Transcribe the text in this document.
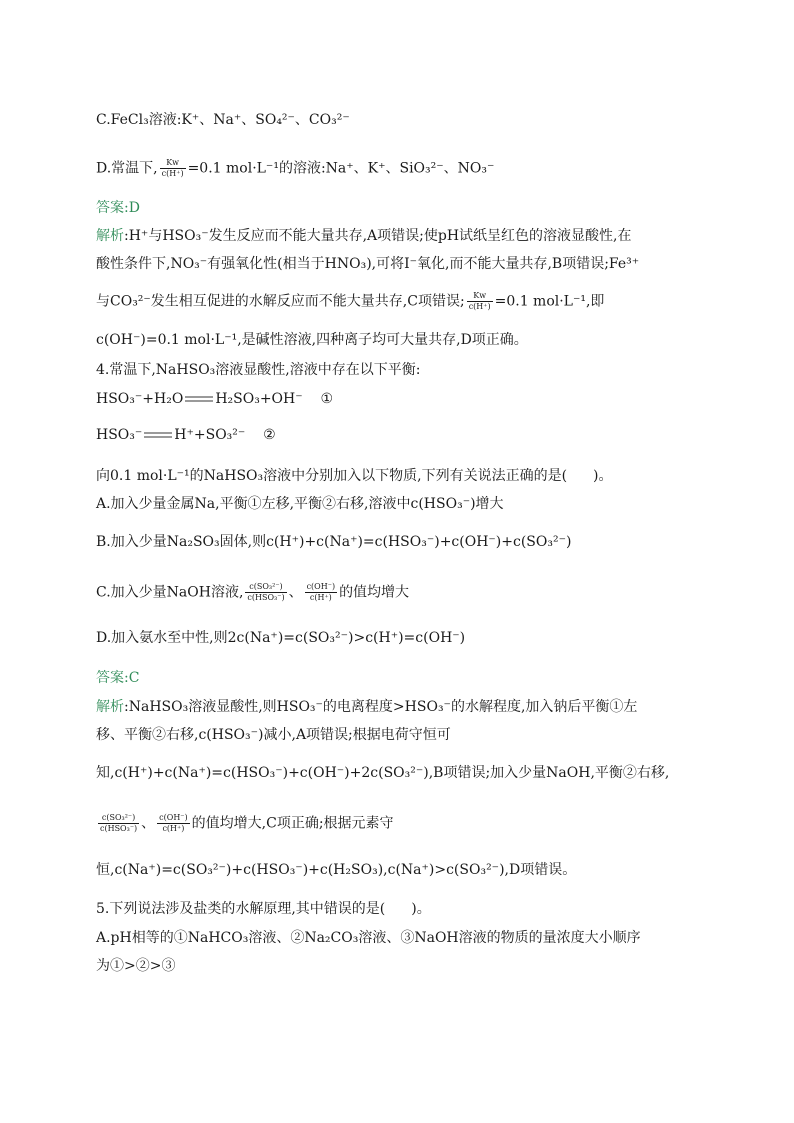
C.FeCl₃溶液:K⁺、Na⁺、SO₄²⁻、CO₃²⁻
D.常温下, $\frac{Kw}{c(H^+)} =0.1$ mol·L⁻¹的溶液:Na⁺、K⁺、SiO₃²⁻、NO₃⁻
答案:D
解析:H⁺与HSO₃⁻发生反应而不能大量共存,A项错误;使pH试纸呈红色的溶液显酸性,在
酸性条件下,NO₃⁻有强氧化性(相当于HNO₃),可将I⁻氧化,而不能大量共存,B项错误;Fe³⁺
与CO₃²⁻发生相互促进的水解反应而不能大量共存,C项错误; $\frac{Kw}{c(H^+)} =0.1$ mol·L⁻¹,即
c(OH⁻)=0.1 mol·L⁻¹,是碱性溶液,四种离子均可大量共存,D项正确。
4.常温下,NaHSO₃溶液显酸性,溶液中存在以下平衡:
HSO₃⁻+H₂O H₂SO₃+OH⁻ ①
HSO₃⁻ H⁺+SO₃²⁻ ②
向0.1 mol·L⁻¹的NaHSO₃溶液中分别加入以下物质,下列有关说法正确的是( )。
A.加入少量金属Na,平衡①左移,平衡②右移,溶液中c(HSO₃⁻)增大
B.加入少量Na₂SO₃固体,则c(H⁺)+c(Na⁺)=c(HSO₃⁻)+c(OH⁻)+c(SO₃²⁻)
C.加入少量NaOH溶液, $\frac{\text{c(SO₃²⁻)}}{\text{c(HSO₃⁻)}}$ 、 $\frac{c(OH^-)}{c(H^+)}$ 的值均增大
D.加入氨水至中性,则2c(Na⁺)=c(SO₃²⁻)>c(H⁺)=c(OH⁻)
答案:C
解析:NaHSO₃溶液显酸性,则HSO₃⁻的电离程度>HSO₃⁻的水解程度,加入钠后平衡①左
移、平衡②右移,c(HSO₃⁻)减小,A项错误;根据电荷守恒可
知,c(H⁺)+c(Na⁺)=c(HSO₃⁻)+c(OH⁻)+2c(SO₃²⁻),B项错误;加入少量NaOH,平衡②右移,
$\frac{\text{c(SO₃²⁻)}}{\text{c(HSO₃⁻)}}$ 、 $\frac{c(OH^-)}{c(H^+)}$ 的值均增大,C项正确;根据元素守
恒,c(Na⁺)=c(SO₃²⁻)+c(HSO₃⁻)+c(H₂SO₃),c(Na⁺)>c(SO₃²⁻),D项错误。
5.下列说法涉及盐类的水解原理,其中错误的是( )。
A.pH相等的①NaHCO₃溶液、②Na₂CO₃溶液、③NaOH溶液的物质的量浓度大小顺序
为①>②>③
